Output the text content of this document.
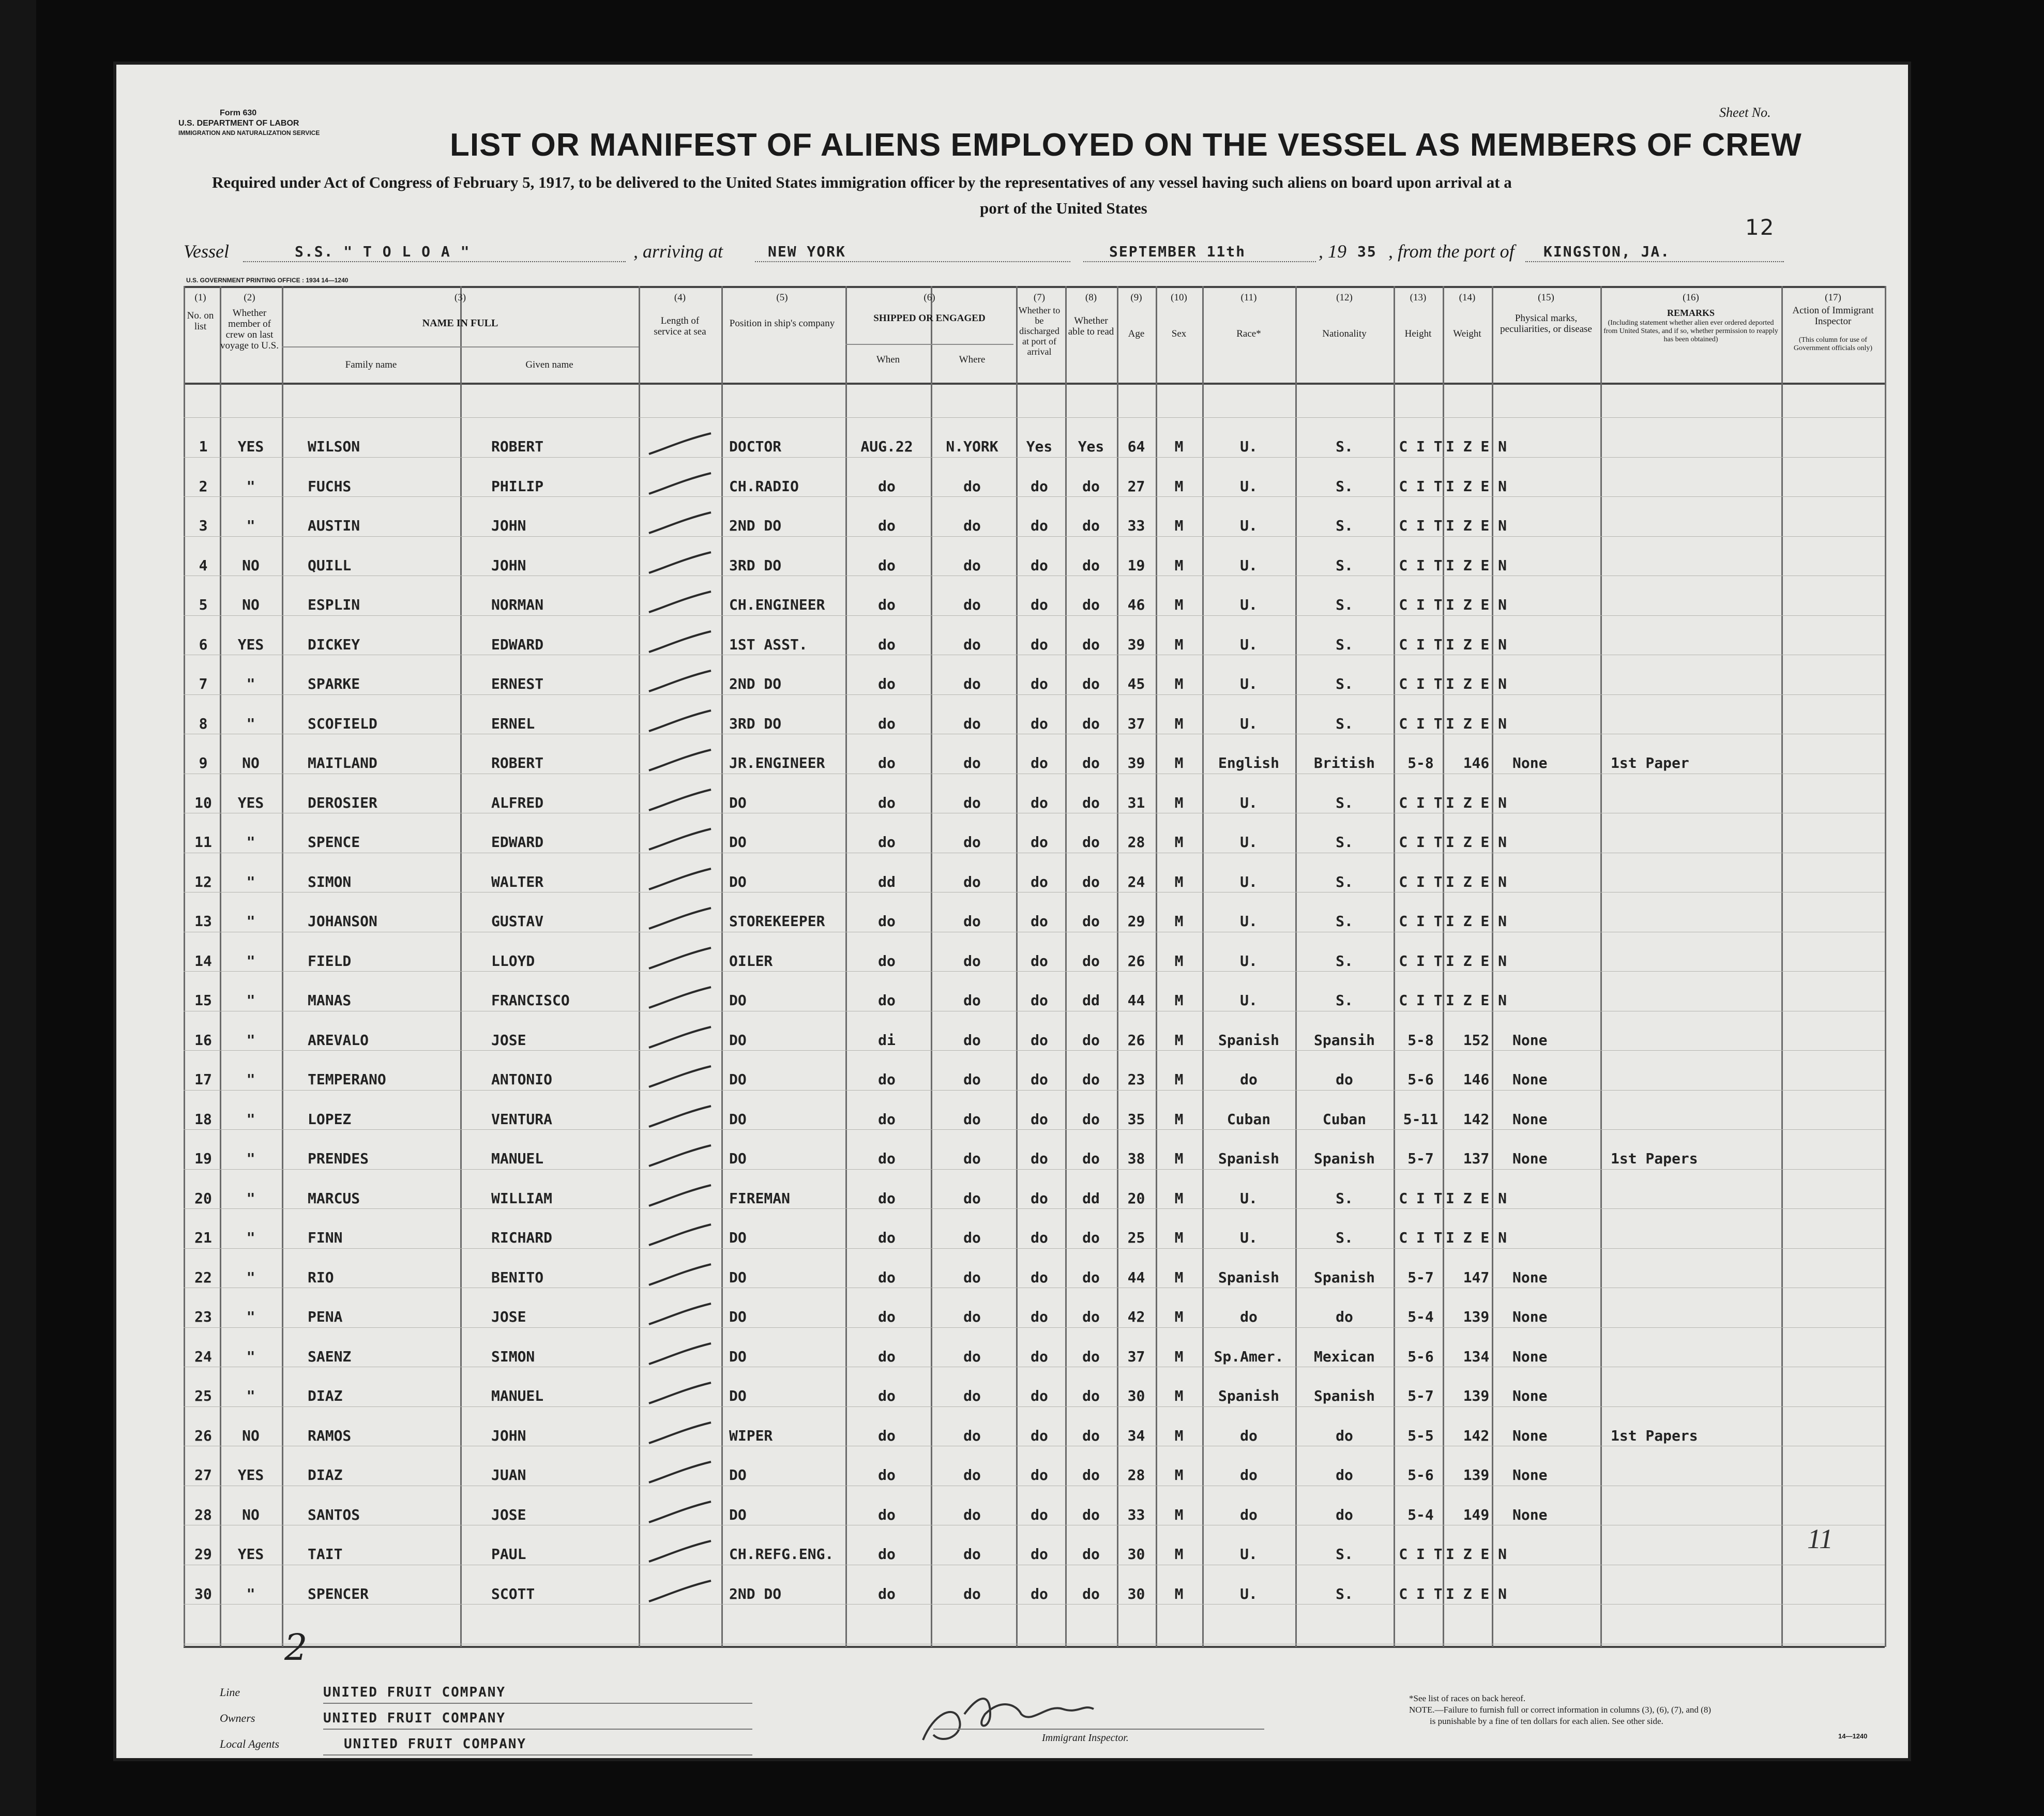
Form 630
U.S. DEPARTMENT OF LABOR
IMMIGRATION AND NATURALIZATION SERVICE
Sheet No.
LIST OR MANIFEST OF ALIENS EMPLOYED ON THE VESSEL AS MEMBERS OF CREW
Required under Act of Congress of February 5, 1917, to be delivered to the United States immigration officer by the representatives of any vessel having such aliens on board upon arrival at a
port of the United States
12
Vessel	S.S. " T O L O A "	, arriving at	NEW YORK	SEPTEMBER 11th	, 19 35 , from the port of KINGSTON, JA.
U.S. GOVERNMENT PRINTING OFFICE : 1934 14—1240
(1)
No. on list
(2)
Whether member of crew on last voyage to U.S.
(3)
NAME IN FULL
Family name	Given name
(4)
Length of service at sea
(5)
Position in ship's company
(6)
SHIPPED OR ENGAGED
When	Where
(7)
Whether to be discharged at port of arrival
(8)
Whether able to read
(9)
Age
(10)
Sex
(11)
Race*
(12)
Nationality
(13)
Height
(14)
Weight
(15)
Physical marks, peculiarities, or disease
(16)
REMARKS
(Including statement whether alien ever ordered deported from United States, and if so, whether permission to reapply has been obtained)
(17)
Action of Immigrant Inspector
(This column for use of Government officials only)
1	YES	WILSON	ROBERT	DOCTOR	AUG.22	N.YORK	Yes	Yes	64	M	U.	S.	C I T I Z E N
2	"	FUCHS	PHILIP	CH.RADIO	do	do	do	do	27	M	U.	S.	C I T I Z E N
3	"	AUSTIN	JOHN	2ND DO	do	do	do	do	33	M	U.	S.	C I T I Z E N
4	NO	QUILL	JOHN	3RD DO	do	do	do	do	19	M	U.	S.	C I T I Z E N
5	NO	ESPLIN	NORMAN	CH.ENGINEER	do	do	do	do	46	M	U.	S.	C I T I Z E N
6	YES	DICKEY	EDWARD	1ST ASST.	do	do	do	do	39	M	U.	S.	C I T I Z E N
7	"	SPARKE	ERNEST	2ND DO	do	do	do	do	45	M	U.	S.	C I T I Z E N
8	"	SCOFIELD	ERNEL	3RD DO	do	do	do	do	37	M	U.	S.	C I T I Z E N
9	NO	MAITLAND	ROBERT	JR.ENGINEER	do	do	do	do	39	M	English	British	5-8	146	None	1st Paper
10	YES	DEROSIER	ALFRED	DO	do	do	do	do	31	M	U.	S.	C I T I Z E N
11	"	SPENCE	EDWARD	DO	do	do	do	do	28	M	U.	S.	C I T I Z E N
12	"	SIMON	WALTER	DO	dd	do	do	do	24	M	U.	S.	C I T I Z E N
13	"	JOHANSON	GUSTAV	STOREKEEPER	do	do	do	do	29	M	U.	S.	C I T I Z E N
14	"	FIELD	LLOYD	OILER	do	do	do	do	26	M	U.	S.	C I T I Z E N
15	"	MANAS	FRANCISCO	DO	do	do	do	dd	44	M	U.	S.	C I T I Z E N
16	"	AREVALO	JOSE	DO	di	do	do	do	26	M	Spanish	Spansih	5-8	152	None
17	"	TEMPERANO	ANTONIO	DO	do	do	do	do	23	M	do	do	5-6	146	None
18	"	LOPEZ	VENTURA	DO	do	do	do	do	35	M	Cuban	Cuban	5-11	142	None
19	"	PRENDES	MANUEL	DO	do	do	do	do	38	M	Spanish	Spanish	5-7	137	None	1st Papers
20	"	MARCUS	WILLIAM	FIREMAN	do	do	do	dd	20	M	U.	S.	C I T I Z E N
21	"	FINN	RICHARD	DO	do	do	do	do	25	M	U.	S.	C I T I Z E N
22	"	RIO	BENITO	DO	do	do	do	do	44	M	Spanish	Spanish	5-7	147	None
23	"	PENA	JOSE	DO	do	do	do	do	42	M	do	do	5-4	139	None
24	"	SAENZ	SIMON	DO	do	do	do	do	37	M	Sp.Amer.	Mexican	5-6	134	None
25	"	DIAZ	MANUEL	DO	do	do	do	do	30	M	Spanish	Spanish	5-7	139	None
26	NO	RAMOS	JOHN	WIPER	do	do	do	do	34	M	do	do	5-5	142	None	1st Papers
27	YES	DIAZ	JUAN	DO	do	do	do	do	28	M	do	do	5-6	139	None
28	NO	SANTOS	JOSE	DO	do	do	do	do	33	M	do	do	5-4	149	None
29	YES	TAIT	PAUL	CH.REFG.ENG.	do	do	do	do	30	M	U.	S.	C I T I Z E N
30	"	SPENCER	SCOTT	2ND DO	do	do	do	do	30	M	U.	S.	C I T I Z E N
Line	UNITED FRUIT COMPANY
Owners	UNITED FRUIT COMPANY
Local Agents	UNITED FRUIT COMPANY
2
Immigrant Inspector.
*See list of races on back hereof.
NOTE.—Failure to furnish full or correct information in columns (3), (6), (7), and (8)
is punishable by a fine of ten dollars for each alien. See other side.
14—1240
11
